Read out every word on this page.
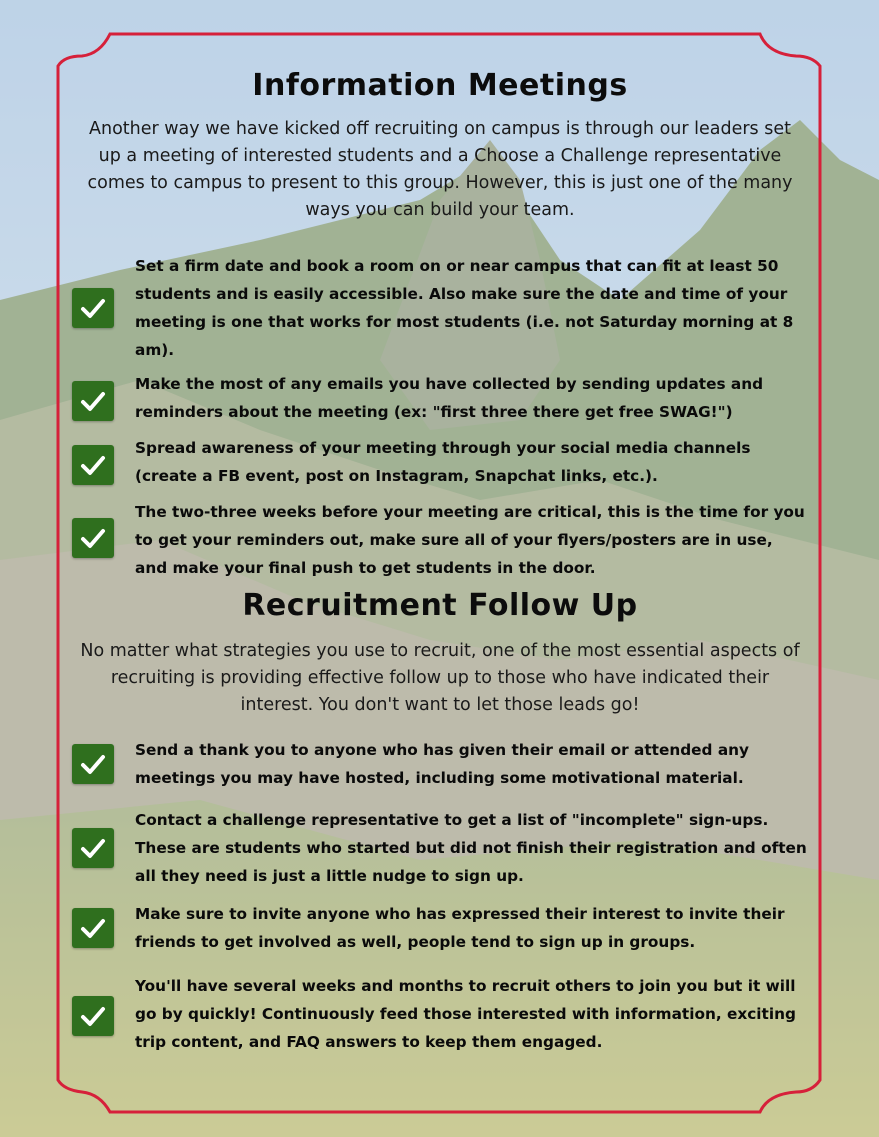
Information Meetings

Another way we have kicked off recruiting on campus is through our leaders set up a meeting of interested students and a Choose a Challenge representative comes to campus to present to this group. However, this is just one of the many ways you can build your team.

Set a firm date and book a room on or near campus that can fit at least 50 students and is easily accessible. Also make sure the date and time of your meeting is one that works for most students (i.e. not Saturday morning at 8 am).
Make the most of any emails you have collected by sending updates and reminders about the meeting (ex: "first three there get free SWAG!")
Spread awareness of your meeting through your social media channels (create a FB event, post on Instagram, Snapchat links, etc.).
The two-three weeks before your meeting are critical, this is the time for you to get your reminders out, make sure all of your flyers/posters are in use, and make your final push to get students in the door.
Recruitment Follow Up

No matter what strategies you use to recruit, one of the most essential aspects of recruiting is providing effective follow up to those who have indicated their interest. You don't want to let those leads go!

Send a thank you to anyone who has given their email or attended any meetings you may have hosted, including some motivational material.
Contact a challenge representative to get a list of "incomplete" sign-ups. These are students who started but did not finish their registration and often all they need is just a little nudge to sign up.
Make sure to invite anyone who has expressed their interest to invite their friends to get involved as well, people tend to sign up in groups.
You'll have several weeks and months to recruit others to join you but it will go by quickly! Continuously feed those interested with information, exciting trip content, and FAQ answers to keep them engaged.
